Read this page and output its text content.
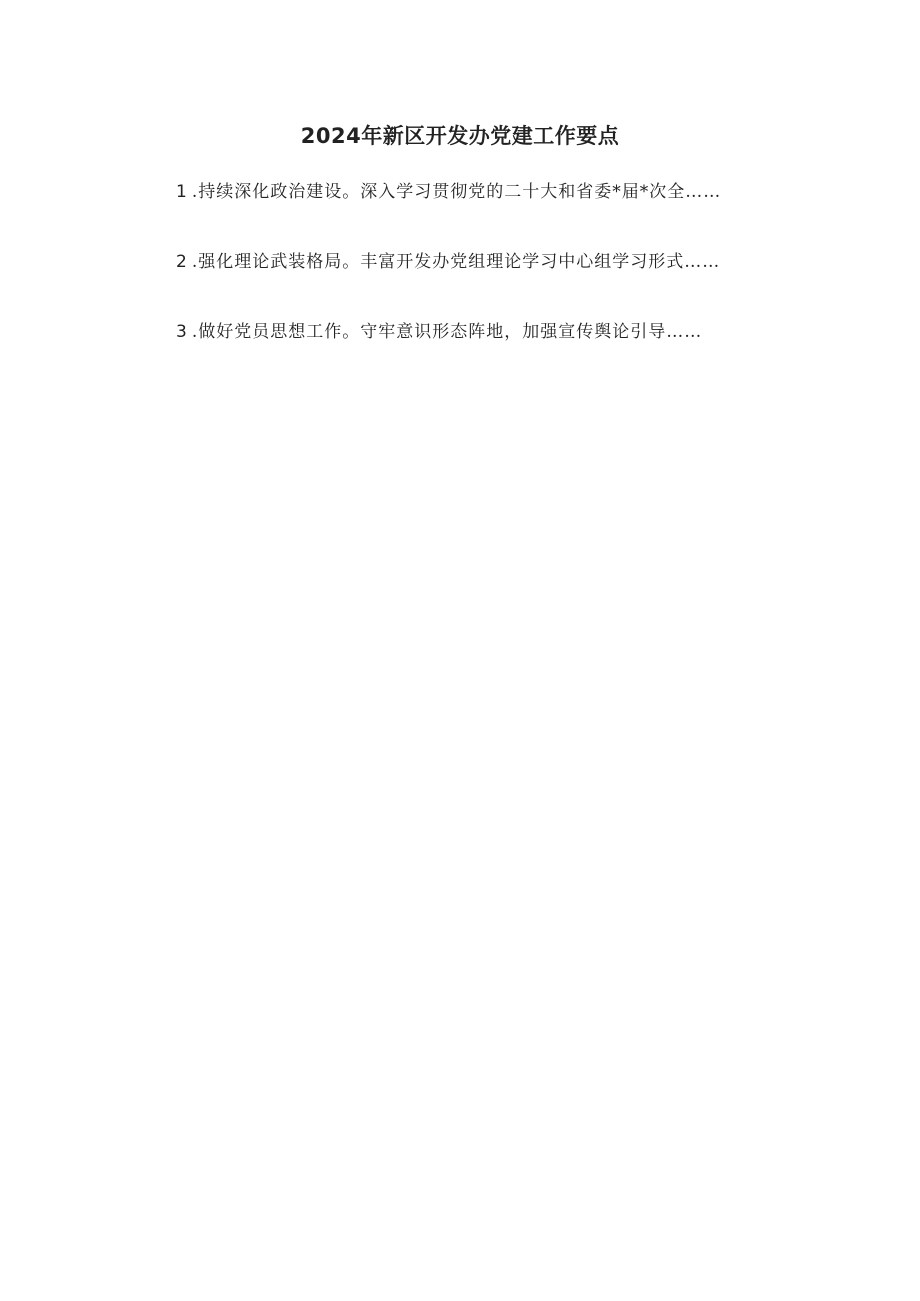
2024年新区开发办党建工作要点

1 .持续深化政治建设。深入学习贯彻党的二十大和省委*届*次全……

2 .强化理论武装格局。丰富开发办党组理论学习中心组学习形式……

3 .做好党员思想工作。守牢意识形态阵地，加强宣传舆论引导……
